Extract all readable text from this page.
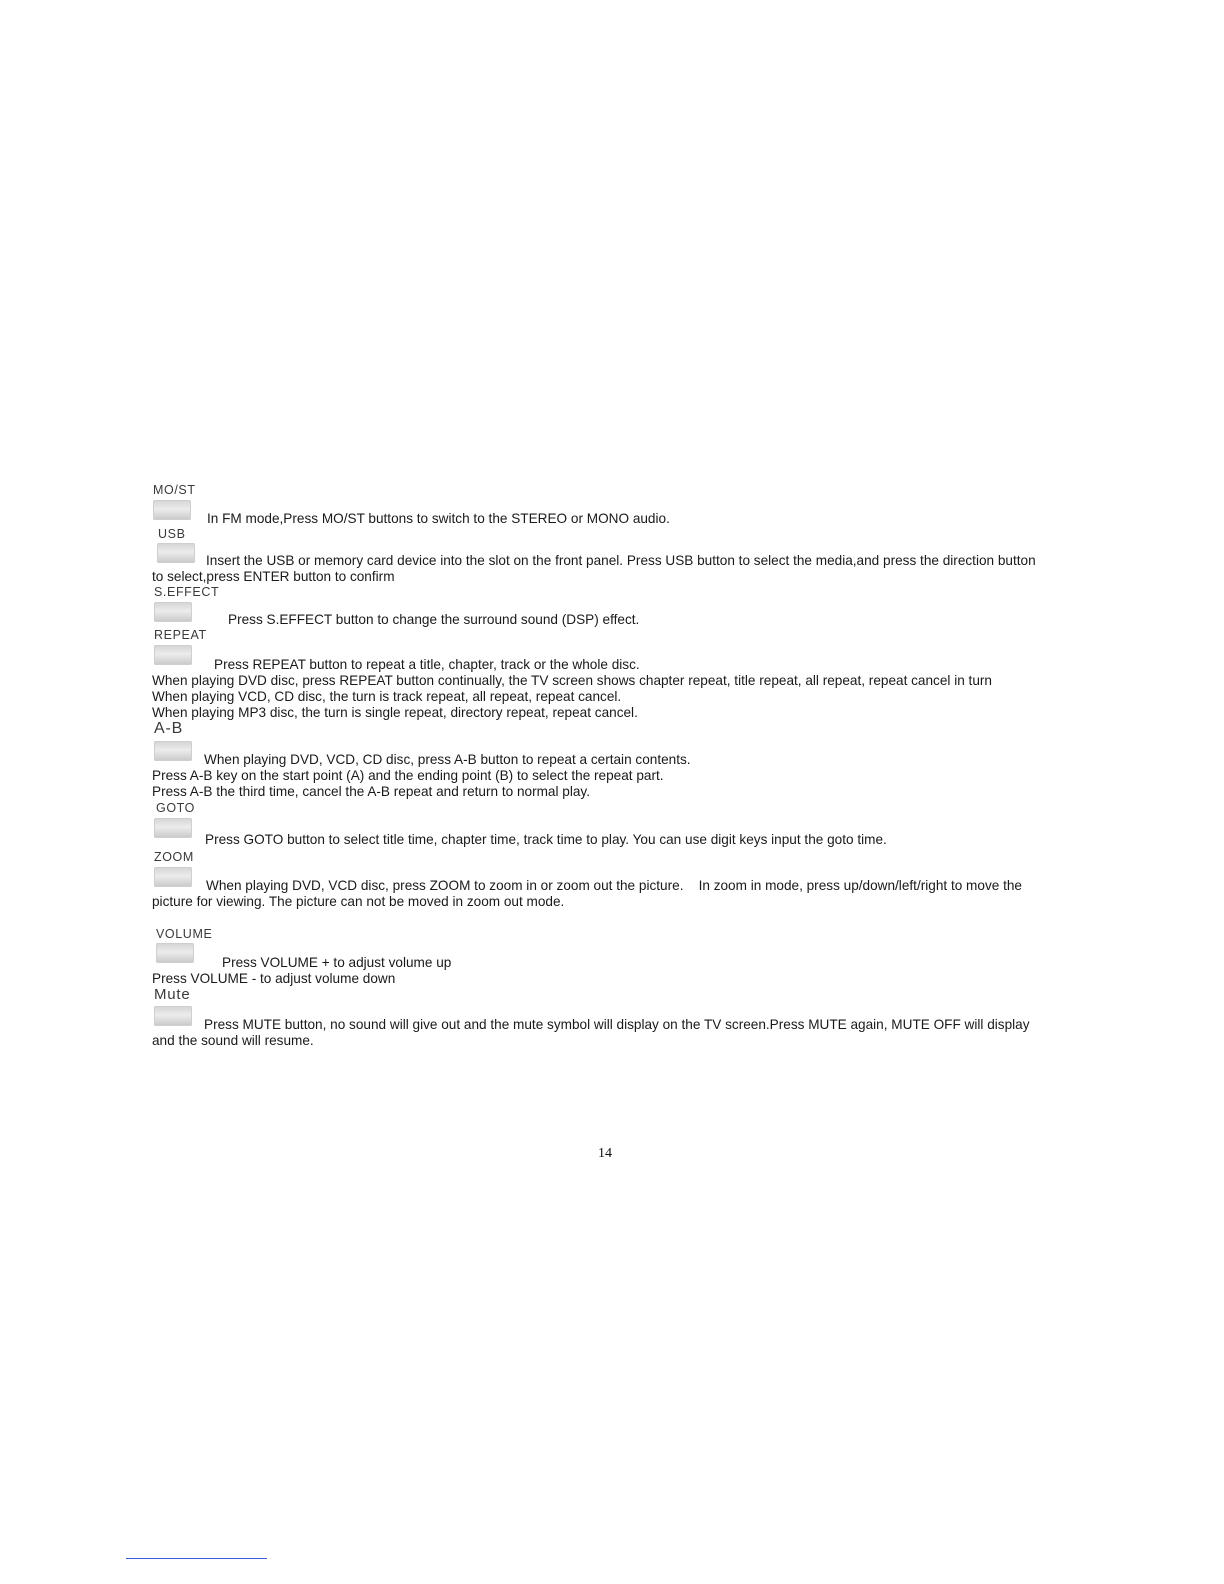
MO/ST
In FM mode,Press MO/ST buttons to switch to the STEREO or MONO audio.
USB
Insert the USB or memory card device into the slot on the front panel. Press USB button to select the media,and press the direction button
to select,press ENTER button to confirm
S.EFFECT
Press S.EFFECT button to change the surround sound (DSP) effect.
REPEAT
Press REPEAT button to repeat a title, chapter, track or the whole disc.
When playing DVD disc, press REPEAT button continually, the TV screen shows chapter repeat, title repeat, all repeat, repeat cancel in turn
When playing VCD, CD disc, the turn is track repeat, all repeat, repeat cancel.
When playing MP3 disc, the turn is single repeat, directory repeat, repeat cancel.
A-B
When playing DVD, VCD, CD disc, press A-B button to repeat a certain contents.
Press A-B key on the start point (A) and the ending point (B) to select the repeat part.
Press A-B the third time, cancel the A-B repeat and return to normal play.
GOTO
Press GOTO button to select title time, chapter time, track time to play. You can use digit keys input the goto time.
ZOOM
When playing DVD, VCD disc, press ZOOM to zoom in or zoom out the picture.    In zoom in mode, press up/down/left/right to move the
picture for viewing. The picture can not be moved in zoom out mode.
VOLUME
Press VOLUME + to adjust volume up
Press VOLUME - to adjust volume down
Mute
Press MUTE button, no sound will give out and the mute symbol will display on the TV screen.Press MUTE again, MUTE OFF will display
and the sound will resume.
14
